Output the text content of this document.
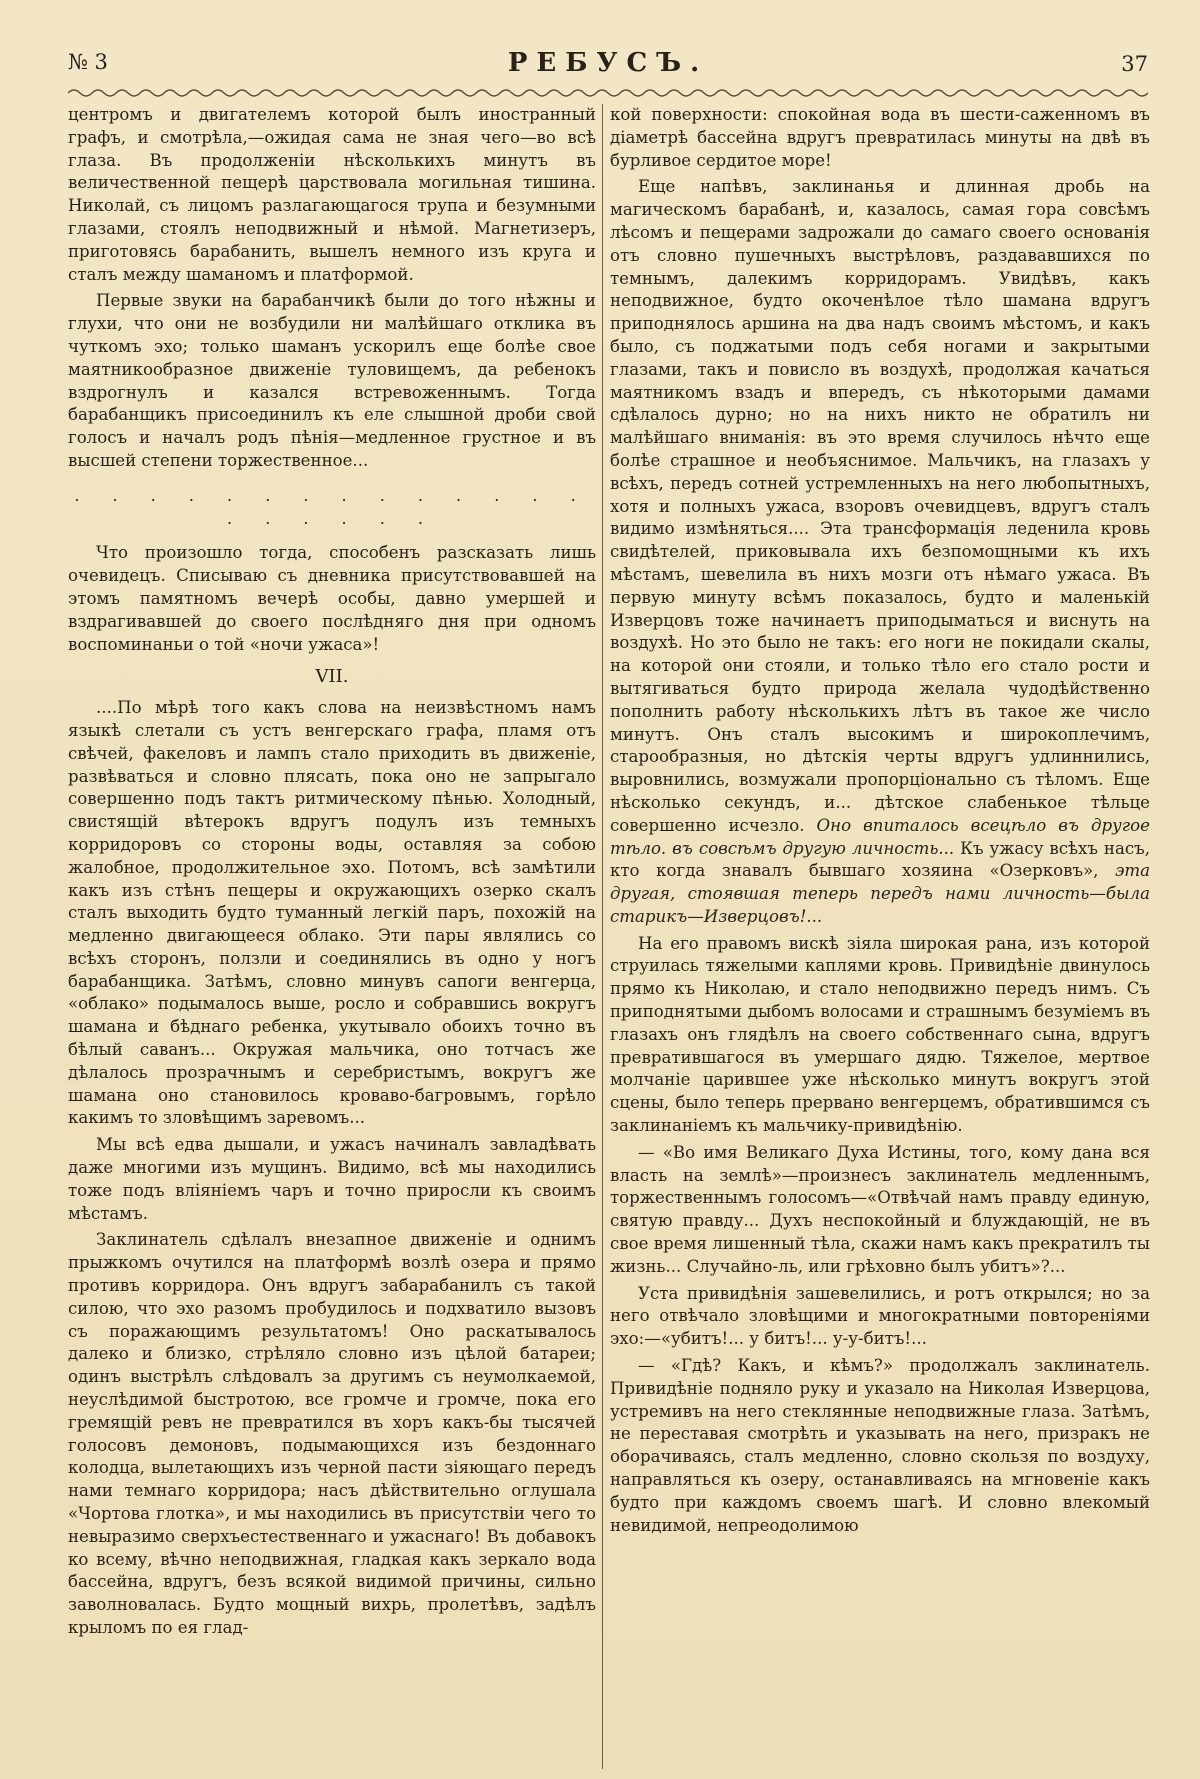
№ 3	РЕБУСЪ.	37

центромъ и двигателемъ которой былъ иностранный графъ, и смотрѣла,—ожидая сама не зная чего—во всѣ глаза. Въ продолженіи нѣсколькихъ минутъ въ величественной пещерѣ царствовала могильная тишина. Николай, съ лицомъ разлагающагося трупа и безумными глазами, стоялъ неподвижный и нѣмой. Магнетизеръ, приготовясь барабанить, вышелъ немного изъ круга и сталъ между шаманомъ и платформой.

Первые звуки на барабанчикѣ были до того нѣжны и глухи, что они не возбудили ни малѣйшаго отклика въ чуткомъ эхо; только шаманъ ускорилъ еще болѣе свое маятникообразное движеніе туловищемъ, да ребенокъ вздрогнулъ и казался встревоженнымъ. Тогда барабанщикъ присоединилъ къ еле слышной дроби свой голосъ и началъ родъ пѣнія—медленное грустное и въ высшей степени торжественное...

. . . . . . . . . . . . . . . . . . . .

Что произошло тогда, способенъ разсказать лишь очевидецъ. Списываю съ дневника присутствовавшей на этомъ памятномъ вечерѣ особы, давно умершей и вздрагивавшей до своего послѣдняго дня при одномъ воспоминаньи о той «ночи ужаса»!

VII.

....По мѣрѣ того какъ слова на неизвѣстномъ намъ языкѣ слетали съ устъ венгерскаго графа, пламя отъ свѣчей, факеловъ и лампъ стало приходить въ движеніе, развѣваться и словно плясать, пока оно не запрыгало совершенно подъ тактъ ритмическому пѣнью. Холодный, свистящій вѣтерокъ вдругъ подулъ изъ темныхъ корридоровъ со стороны воды, оставляя за собою жалобное, продолжительное эхо. Потомъ, всѣ замѣтили какъ изъ стѣнъ пещеры и окружающихъ озерко скалъ сталъ выходить будто туманный легкій паръ, похожій на медленно двигающееся облако. Эти пары являлись со всѣхъ сторонъ, ползли и соединялись въ одно у ногъ барабанщика. Затѣмъ, словно минувъ сапоги венгерца, «облако» подымалось выше, росло и собравшись вокругъ шамана и бѣднаго ребенка, укутывало обоихъ точно въ бѣлый саванъ... Окружая мальчика, оно тотчасъ же дѣлалось прозрачнымъ и серебристымъ, вокругъ же шамана оно становилось кроваво-багровымъ, горѣло какимъ то зловѣщимъ заревомъ...

Мы всѣ едва дышали, и ужасъ начиналъ завладѣвать даже многими изъ мущинъ. Видимо, всѣ мы находились тоже подъ вліяніемъ чаръ и точно приросли къ своимъ мѣстамъ.

Заклинатель сдѣлалъ внезапное движеніе и однимъ прыжкомъ очутился на платформѣ возлѣ озера и прямо противъ корридора. Онъ вдругъ забарабанилъ съ такой силою, что эхо разомъ пробудилось и подхватило вызовъ съ поражающимъ результатомъ! Оно раскатывалось далеко и близко, стрѣляло словно изъ цѣлой батареи; одинъ выстрѣлъ слѣдовалъ за другимъ съ неумолкаемой, неуслѣдимой быстротою, все громче и громче, пока его гремящій ревъ не превратился въ хоръ какъ-бы тысячей голосовъ демоновъ, подымающихся изъ бездоннаго колодца, вылетающихъ изъ черной пасти зіяющаго передъ нами темнаго корридора; насъ дѣйствительно оглушала «Чортова глотка», и мы находились въ присутствіи чего то невыразимо сверхъестественнаго и ужаснаго! Въ добавокъ ко всему, вѣчно неподвижная, гладкая какъ зеркало вода бассейна, вдругъ, безъ всякой видимой причины, сильно заволновалась. Будто мощный вихрь, пролетѣвъ, задѣлъ крыломъ по ея глад-

кой поверхности: спокойная вода въ шести-саженномъ въ діаметрѣ бассейна вдругъ превратилась минуты на двѣ въ бурливое сердитое море!

Еще напѣвъ, заклинанья и длинная дробь на магическомъ барабанѣ, и, казалось, самая гора совсѣмъ лѣсомъ и пещерами задрожали до самаго своего основанія отъ словно пушечныхъ выстрѣловъ, раздававшихся по темнымъ, далекимъ корридорамъ. Увидѣвъ, какъ неподвижное, будто окоченѣлое тѣло шамана вдругъ приподнялось аршина на два надъ своимъ мѣстомъ, и какъ было, съ поджатыми подъ себя ногами и закрытыми глазами, такъ и повисло въ воздухѣ, продолжая качаться маятникомъ взадъ и впередъ, съ нѣкоторыми дамами сдѣлалось дурно; но на нихъ никто не обратилъ ни малѣйшаго вниманія: въ это время случилось нѣчто еще болѣе страшное и необъяснимое. Мальчикъ, на глазахъ у всѣхъ, передъ сотней устремленныхъ на него любопытныхъ, хотя и полныхъ ужаса, взоровъ очевидцевъ, вдругъ сталъ видимо измѣняться.... Эта трансформація леденила кровь свидѣтелей, приковывала ихъ безпомощными къ ихъ мѣстамъ, шевелила въ нихъ мозги отъ нѣмаго ужаса. Въ первую минуту всѣмъ показалось, будто и маленькій Изверцовъ тоже начинаетъ приподыматься и виснуть на воздухѣ. Но это было не такъ: его ноги не покидали скалы, на которой они стояли, и только тѣло его стало рости и вытягиваться будто природа желала чудодѣйственно пополнить работу нѣсколькихъ лѣтъ въ такое же число минутъ. Онъ сталъ высокимъ и широкоплечимъ, старообразныя, но дѣтскія черты вдругъ удлиннились, выровнились, возмужали пропорціонально съ тѣломъ. Еще нѣсколько секундъ, и... дѣтское слабенькое тѣльце совершенно исчезло. Оно впиталось всецѣло въ другое тѣло. въ совсѣмъ другую личность... Къ ужасу всѣхъ насъ, кто когда знавалъ бывшаго хозяина «Озерковъ», эта другая, стоявшая теперь передъ нами личность—была старикъ—Изверцовъ!...

На его правомъ вискѣ зіяла широкая рана, изъ которой струилась тяжелыми каплями кровь. Привидѣніе двинулось прямо къ Николаю, и стало неподвижно передъ нимъ. Съ приподнятыми дыбомъ волосами и страшнымъ безуміемъ въ глазахъ онъ глядѣлъ на своего собственнаго сына, вдругъ превратившагося въ умершаго дядю. Тяжелое, мертвое молчаніе царившее уже нѣсколько минутъ вокругъ этой сцены, было теперь прервано венгерцемъ, обратившимся съ заклинаніемъ къ мальчику-привидѣнію.

— «Во имя Великаго Духа Истины, того, кому дана вся власть на землѣ»—произнесъ заклинатель медленнымъ, торжественнымъ голосомъ—«Отвѣчай намъ правду единую, святую правду... Духъ неспокойный и блуждающій, не въ свое время лишенный тѣла, скажи намъ какъ прекратилъ ты жизнь... Случайно-ль, или грѣховно былъ убитъ»?...

Уста привидѣнія зашевелились, и ротъ открылся; но за него отвѣчало зловѣщими и многократными повтореніями эхо:—«убитъ!... у битъ!... у-у-битъ!...

— «Гдѣ? Какъ, и кѣмъ?» продолжалъ заклинатель. Привидѣніе подняло руку и указало на Николая Изверцова, устремивъ на него стеклянные неподвижные глаза. Затѣмъ, не переставая смотрѣть и указывать на него, призракъ не оборачиваясь, сталъ медленно, словно скользя по воздуху, направляться къ озеру, останавливаясь на мгновеніе какъ будто при каждомъ своемъ шагѣ. И словно влекомый невидимой, непреодолимою
